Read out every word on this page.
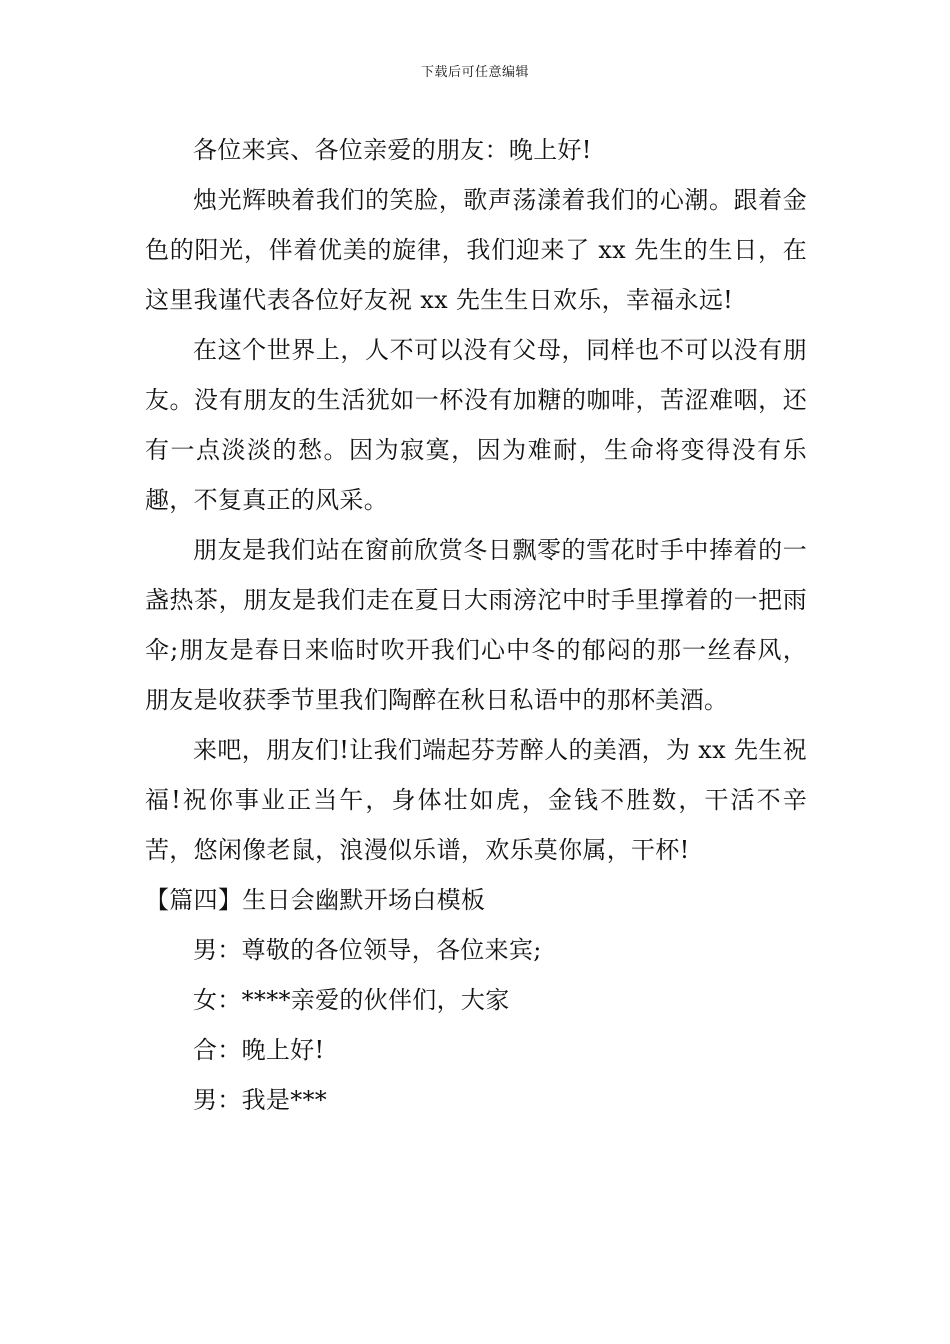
下载后可任意编辑

各位来宾、各位亲爱的朋友：晚上好!

烛光辉映着我们的笑脸，歌声荡漾着我们的心潮。跟着金色的阳光，伴着优美的旋律，我们迎来了 xx 先生的生日，在这里我谨代表各位好友祝 xx 先生生日欢乐，幸福永远!

在这个世界上，人不可以没有父母，同样也不可以没有朋友。没有朋友的生活犹如一杯没有加糖的咖啡，苦涩难咽，还有一点淡淡的愁。因为寂寞，因为难耐，生命将变得没有乐趣，不复真正的风采。

朋友是我们站在窗前欣赏冬日飘零的雪花时手中捧着的一盏热茶，朋友是我们走在夏日大雨滂沱中时手里撑着的一把雨伞;朋友是春日来临时吹开我们心中冬的郁闷的那一丝春风，朋友是收获季节里我们陶醉在秋日私语中的那杯美酒。

来吧，朋友们!让我们端起芬芳醉人的美酒，为 xx 先生祝福!祝你事业正当午，身体壮如虎，金钱不胜数，干活不辛苦，悠闲像老鼠，浪漫似乐谱，欢乐莫你属，干杯!

【篇四】生日会幽默开场白模板

男：尊敬的各位领导，各位来宾;

女：****亲爱的伙伴们，大家

合：晚上好!

男：我是***
